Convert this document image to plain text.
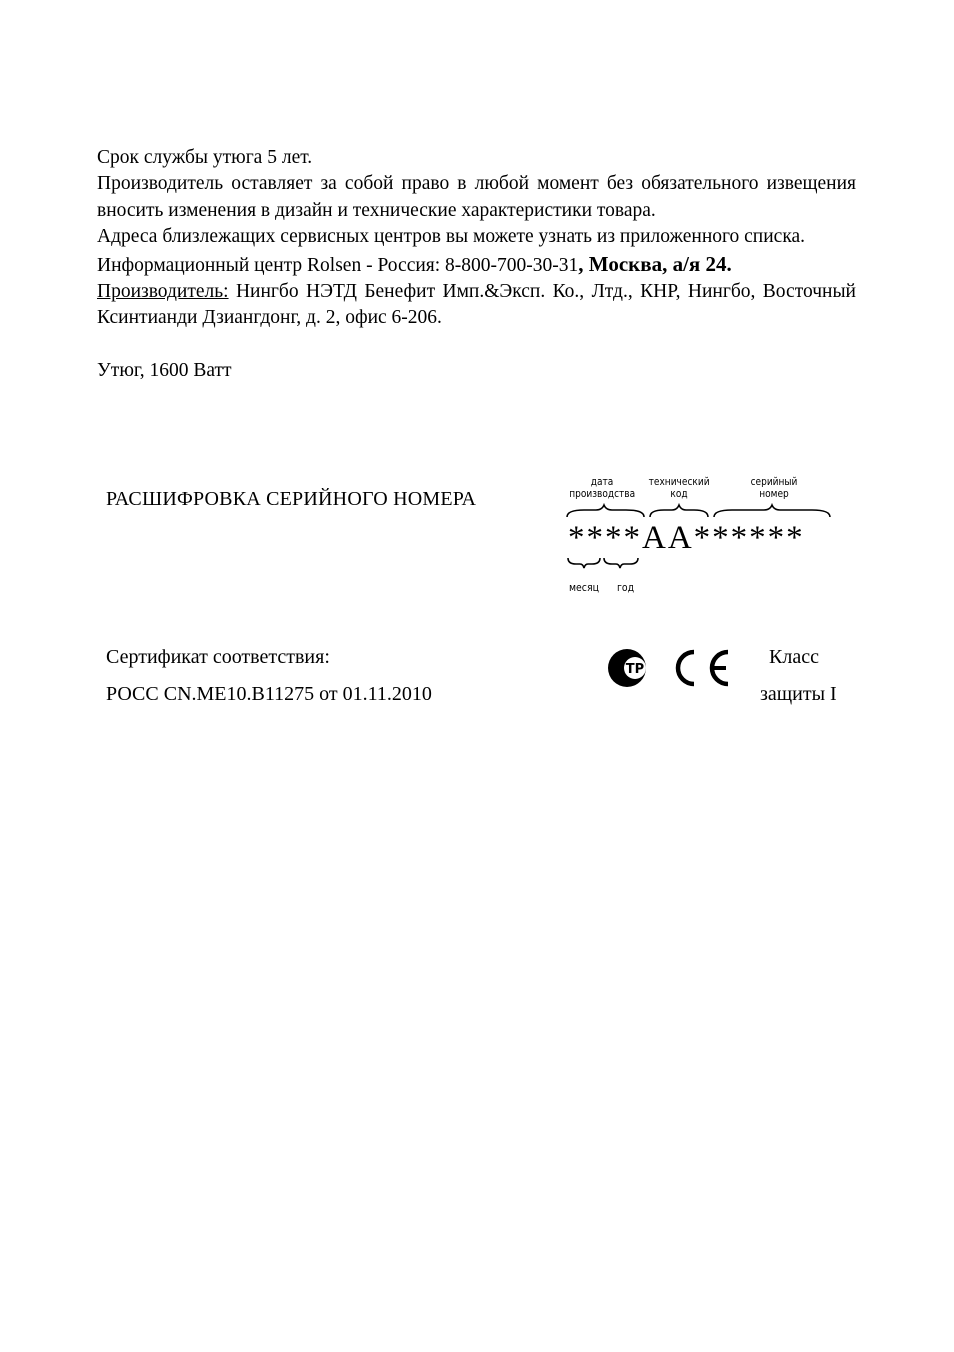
Срок службы утюга 5 лет.

Производитель оставляет за собой право в любой момент без обязательного извещения вносить изменения в дизайн и технические характеристики товара.

Адреса близлежащих сервисных центров вы можете узнать из приложенного списка.

Информационный центр Rolsen - Россия: 8-800-700-30-31, Москва, а/я 24.

Производитель: Нингбо НЭТД Бенефит Имп.&Эксп. Ко., Лтд., КНР, Нингбо, Восточный Ксинтианди Дзиангдонг, д. 2, офис 6-206.

Утюг, 1600 Ватт

РАСШИФРОВКА СЕРИЙНОГО НОМЕРА
дата
производства
технический
код
серийный
номер
****AA******
месяц год
Сертификат соответствия:
РОСС CN.ME10.B11275 от 01.11.2010
ТР
Класс
защиты I
